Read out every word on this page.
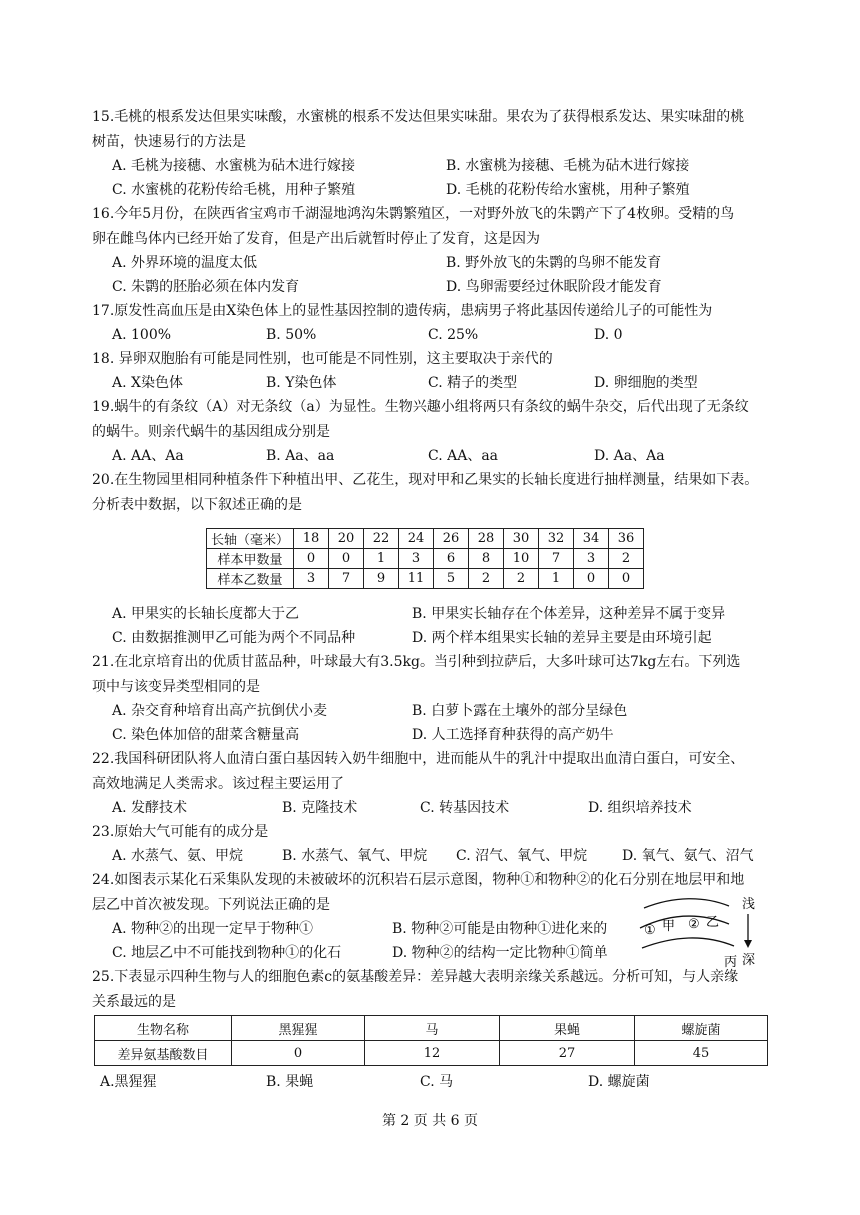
15.毛桃的根系发达但果实味酸，水蜜桃的根系不发达但果实味甜。果农为了获得根系发达、果实味甜的桃
树苗，快速易行的方法是
A. 毛桃为接穗、水蜜桃为砧木进行嫁接	B. 水蜜桃为接穗、毛桃为砧木进行嫁接
C. 水蜜桃的花粉传给毛桃，用种子繁殖	D. 毛桃的花粉传给水蜜桃，用种子繁殖
16.今年5月份，在陕西省宝鸡市千湖湿地鸿沟朱鹮繁殖区，一对野外放飞的朱鹮产下了4枚卵。受精的鸟
卵在雌鸟体内已经开始了发育，但是产出后就暂时停止了发育，这是因为
A. 外界环境的温度太低	B. 野外放飞的朱鹮的鸟卵不能发育
C. 朱鹮的胚胎必须在体内发育	D. 鸟卵需要经过休眠阶段才能发育
17.原发性高血压是由X染色体上的显性基因控制的遗传病，患病男子将此基因传递给儿子的可能性为
A. 100%	B. 50%	C. 25%	D. 0
18. 异卵双胞胎有可能是同性别，也可能是不同性别，这主要取决于亲代的
A. X染色体	B. Y染色体	C. 精子的类型	D. 卵细胞的类型
19.蜗牛的有条纹（A）对无条纹（a）为显性。生物兴趣小组将两只有条纹的蜗牛杂交，后代出现了无条纹
的蜗牛。则亲代蜗牛的基因组成分别是
A. AA、Aa	B. Aa、aa	C. AA、aa	D. Aa、Aa
20.在生物园里相同种植条件下种植出甲、乙花生，现对甲和乙果实的长轴长度进行抽样测量，结果如下表。
分析表中数据，以下叙述正确的是
长轴（毫米）	18	20	22	24	26	28	30	32	34	36
样本甲数量	0	0	1	3	6	8	10	7	3	2
样本乙数量	3	7	9	11	5	2	2	1	0	0
A. 甲果实的长轴长度都大于乙	B. 甲果实长轴存在个体差异，这种差异不属于变异
C. 由数据推测甲乙可能为两个不同品种	D. 两个样本组果实长轴的差异主要是由环境引起
21.在北京培育出的优质甘蓝品种，叶球最大有3.5kg。当引种到拉萨后，大多叶球可达7kg左右。下列选
项中与该变异类型相同的是
A. 杂交育种培育出高产抗倒伏小麦	B. 白萝卜露在土壤外的部分呈绿色
C. 染色体加倍的甜菜含糖量高	D. 人工选择育种获得的高产奶牛
22.我国科研团队将人血清白蛋白基因转入奶牛细胞中，进而能从牛的乳汁中提取出血清白蛋白，可安全、
高效地满足人类需求。该过程主要运用了
A. 发酵技术	B. 克隆技术	C. 转基因技术	D. 组织培养技术
23.原始大气可能有的成分是
A. 水蒸气、氨、甲烷	B. 水蒸气、氧气、甲烷 C. 沼气、氧气、甲烷 D. 氧气、氨气、沼气
24.如图表示某化石采集队发现的未被破坏的沉积岩石层示意图，物种①和物种②的化石分别在地层甲和地
层乙中首次被发现。下列说法正确的是
A. 物种②的出现一定早于物种①	B. 物种②可能是由物种①进化来的
C. 地层乙中不可能找到物种①的化石	D. 物种②的结构一定比物种①简单
浅
深
① 甲 ② 乙
丙
25.下表显示四种生物与人的细胞色素c的氨基酸差异：差异越大表明亲缘关系越远。分析可知，与人亲缘
关系最远的是
生物名称	黑猩猩	马	果蝇	螺旋菌
差异氨基酸数目	0	12	27	45
A.黑猩猩	B. 果蝇	C. 马	D. 螺旋菌
第 2 页 共 6 页
